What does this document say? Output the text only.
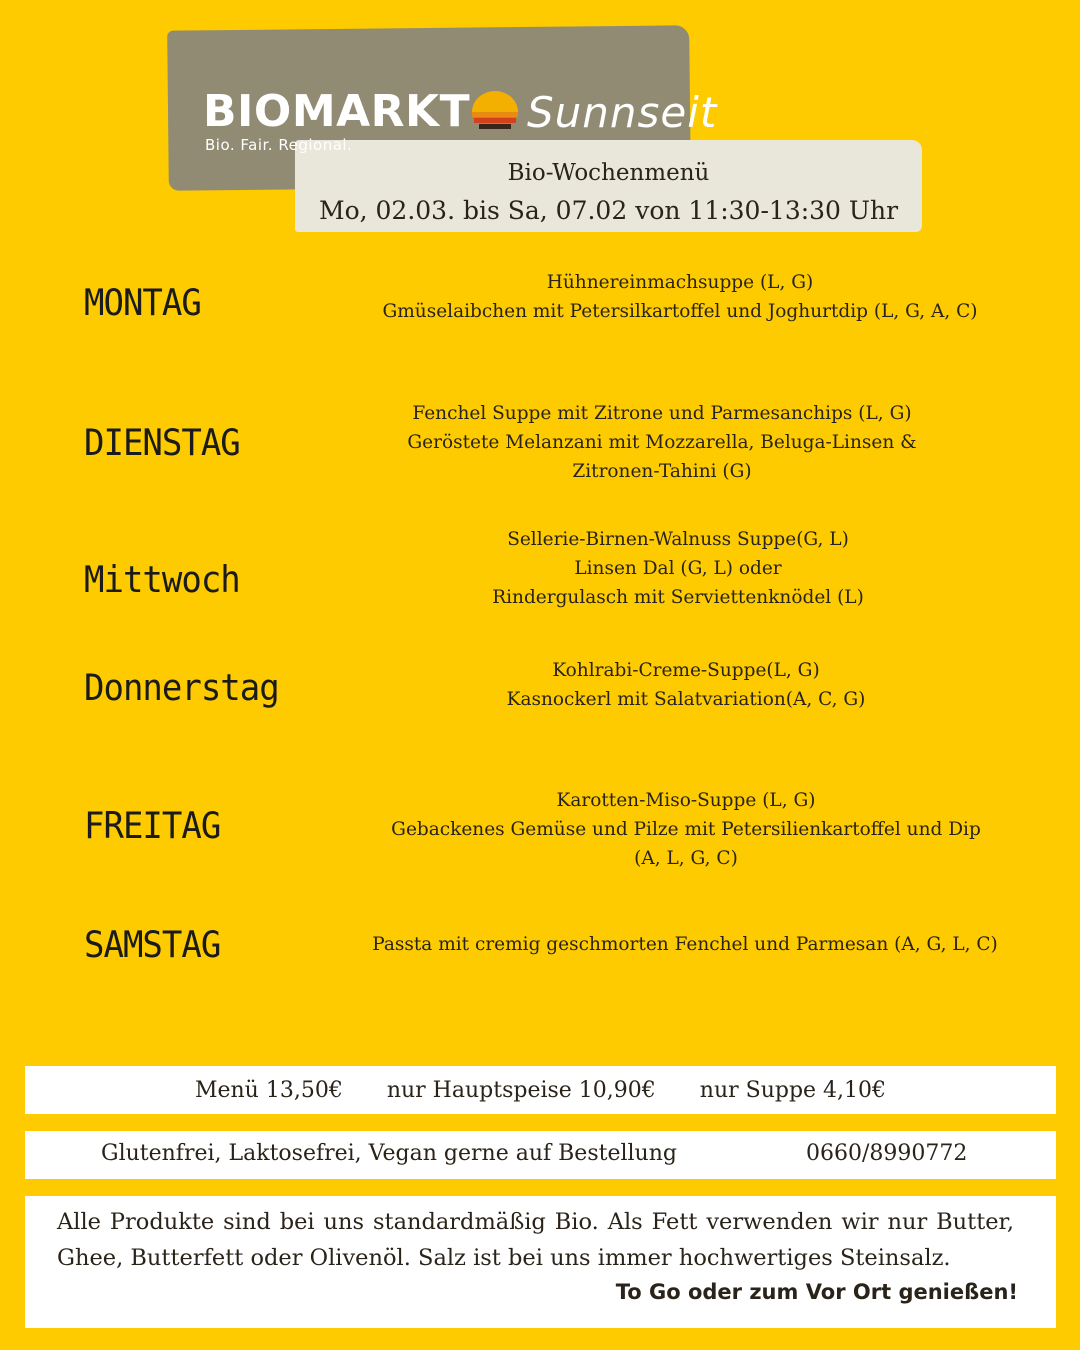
BIOMARKT
Bio. Fair. Regional.
Sunnseit
Bio-Wochenmenü
Mo, 02.03. bis Sa, 07.02 von 11:30-13:30 Uhr
MONTAG	Hühnereinmachsuppe (L, G)
Gmüselaibchen mit Petersilkartoffel und Joghurtdip (L, G, A, C)
DIENSTAG
Fenchel Suppe mit Zitrone und Parmesanchips (L, G)
Geröstete Melanzani mit Mozzarella, Beluga-Linsen &
Zitronen-Tahini (G)
Mittwoch
Sellerie-Birnen-Walnuss Suppe(G, L)
Linsen Dal (G, L) oder
Rindergulasch mit Serviettenknödel (L)
Donnerstag	Kohlrabi-Creme-Suppe(L, G)
Kasnockerl mit Salatvariation(A, C, G)
FREITAG
Karotten-Miso-Suppe (L, G)
Gebackenes Gemüse und Pilze mit Petersilienkartoffel und Dip
(A, L, G, C)
SAMSTAG	Passta mit cremig geschmorten Fenchel und Parmesan (A, G, L, C)
Menü 13,50€ nur Hauptspeise 10,90€ nur Suppe 4,10€
Glutenfrei, Laktosefrei, Vegan gerne auf Bestellung	0660/8990772
Alle Produkte sind bei uns standardmäßig Bio. Als Fett verwenden wir nur Butter, Ghee, Butterfett oder Olivenöl. Salz ist bei uns immer hochwertiges Steinsalz.
To Go oder zum Vor Ort genießen!
